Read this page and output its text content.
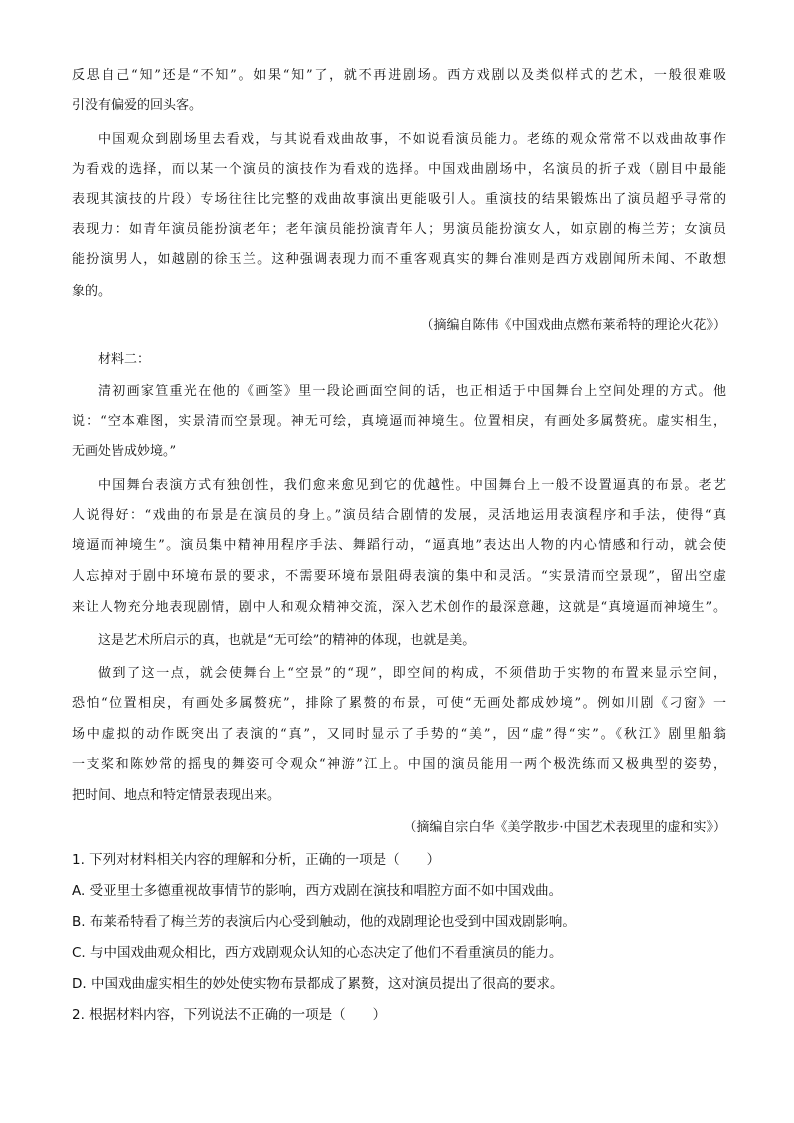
反思自己“知”还是“不知”。如果“知”了，就不再进剧场。西方戏剧以及类似样式的艺术，一般很难吸
引没有偏爱的回头客。
中国观众到剧场里去看戏，与其说看戏曲故事，不如说看演员能力。老练的观众常常不以戏曲故事作
为看戏的选择，而以某一个演员的演技作为看戏的选择。中国戏曲剧场中，名演员的折子戏（剧目中最能
表现其演技的片段）专场往往比完整的戏曲故事演出更能吸引人。重演技的结果锻炼出了演员超乎寻常的
表现力：如青年演员能扮演老年；老年演员能扮演青年人；男演员能扮演女人，如京剧的梅兰芳；女演员
能扮演男人，如越剧的徐玉兰。这种强调表现力而不重客观真实的舞台准则是西方戏剧闻所未闻、不敢想
象的。
（摘编自陈伟《中国戏曲点燃布莱希特的理论火花》）
材料二：
清初画家笪重光在他的《画筌》里一段论画面空间的话，也正相适于中国舞台上空间处理的方式。他
说：“空本难图，实景清而空景现。神无可绘，真境逼而神境生。位置相戾，有画处多属赘疣。虚实相生，
无画处皆成妙境。”
中国舞台表演方式有独创性，我们愈来愈见到它的优越性。中国舞台上一般不设置逼真的布景。老艺
人说得好：“戏曲的布景是在演员的身上。”演员结合剧情的发展，灵活地运用表演程序和手法，使得“真
境逼而神境生”。演员集中精神用程序手法、舞蹈行动，“逼真地”表达出人物的内心情感和行动，就会使
人忘掉对于剧中环境布景的要求，不需要环境布景阻碍表演的集中和灵活。“实景清而空景现”，留出空虚
来让人物充分地表现剧情，剧中人和观众精神交流，深入艺术创作的最深意趣，这就是“真境逼而神境生”。
这是艺术所启示的真，也就是“无可绘”的精神的体现，也就是美。
做到了这一点，就会使舞台上“空景”的“现”，即空间的构成，不须借助于实物的布置来显示空间，
恐怕“位置相戾，有画处多属赘疣”，排除了累赘的布景，可使“无画处都成妙境”。例如川剧《刁窗》一
场中虚拟的动作既突出了表演的“真”，又同时显示了手势的“美”，因“虚”得“实”。《秋江》剧里船翁
一支桨和陈妙常的摇曳的舞姿可令观众“神游”江上。中国的演员能用一两个极洗练而又极典型的姿势，
把时间、地点和特定情景表现出来。
（摘编自宗白华《美学散步·中国艺术表现里的虚和实》）
1. 下列对材料相关内容的理解和分析，正确的一项是（　　）
A. 受亚里士多德重视故事情节的影响，西方戏剧在演技和唱腔方面不如中国戏曲。
B. 布莱希特看了梅兰芳的表演后内心受到触动，他的戏剧理论也受到中国戏剧影响。
C. 与中国戏曲观众相比，西方戏剧观众认知的心态决定了他们不看重演员的能力。
D. 中国戏曲虚实相生的妙处使实物布景都成了累赘，这对演员提出了很高的要求。
2. 根据材料内容，下列说法不正确的一项是（　　）
